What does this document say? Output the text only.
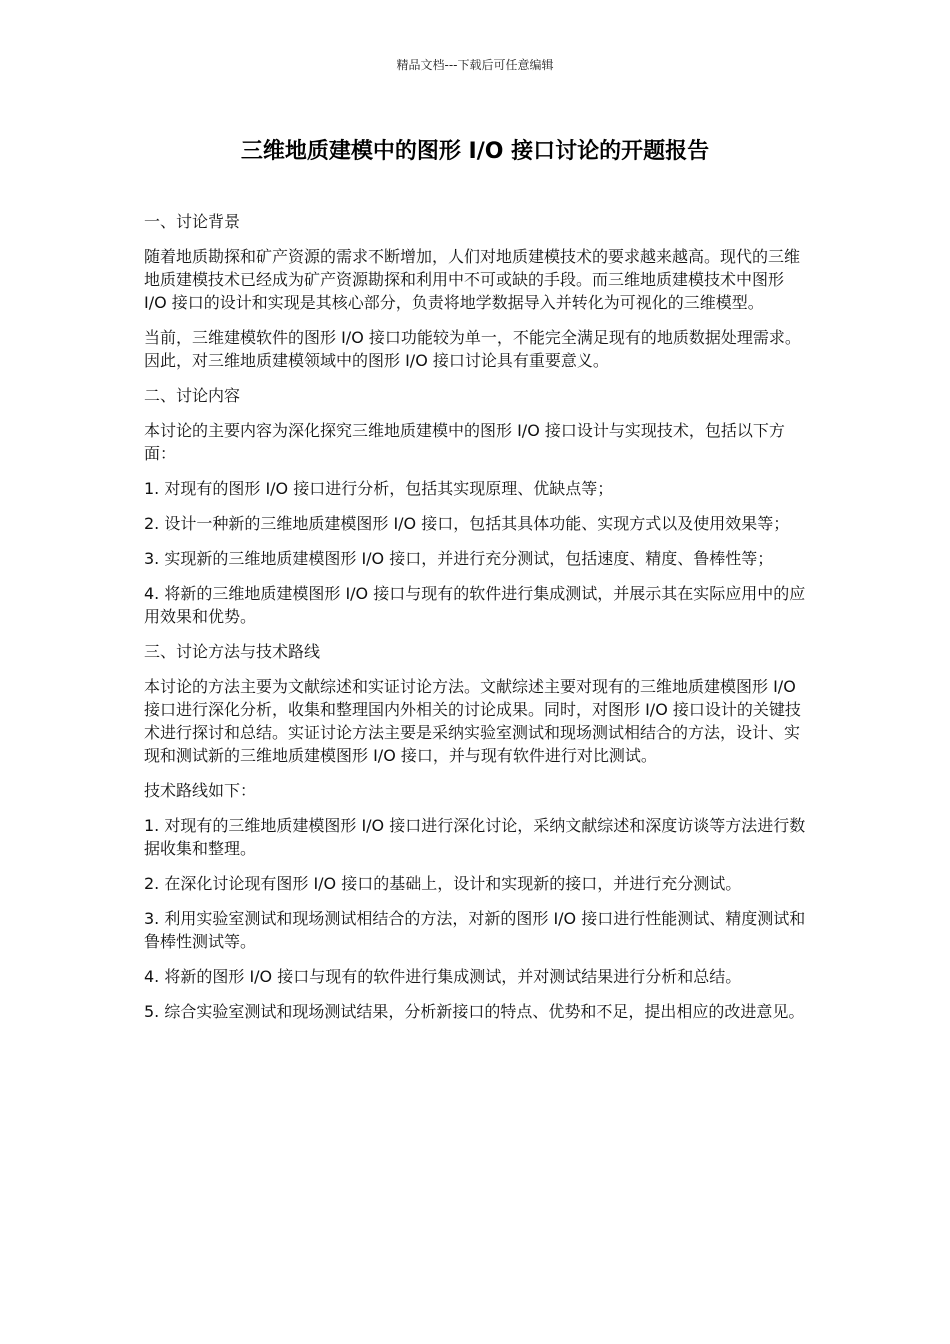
精品文档---下载后可任意编辑
三维地质建模中的图形 I/O 接口讨论的开题报告

一、讨论背景

随着地质勘探和矿产资源的需求不断增加，人们对地质建模技术的要求越来越高。现代的三维地质建模技术已经成为矿产资源勘探和利用中不可或缺的手段。而三维地质建模技术中图形 I/O 接口的设计和实现是其核心部分，负责将地学数据导入并转化为可视化的三维模型。

当前，三维建模软件的图形 I/O 接口功能较为单一，不能完全满足现有的地质数据处理需求。因此，对三维地质建模领域中的图形 I/O 接口讨论具有重要意义。

二、讨论内容

本讨论的主要内容为深化探究三维地质建模中的图形 I/O 接口设计与实现技术，包括以下方面：

1. 对现有的图形 I/O 接口进行分析，包括其实现原理、优缺点等；

2. 设计一种新的三维地质建模图形 I/O 接口，包括其具体功能、实现方式以及使用效果等；

3. 实现新的三维地质建模图形 I/O 接口，并进行充分测试，包括速度、精度、鲁棒性等；

4. 将新的三维地质建模图形 I/O 接口与现有的软件进行集成测试，并展示其在实际应用中的应用效果和优势。

三、讨论方法与技术路线

本讨论的方法主要为文献综述和实证讨论方法。文献综述主要对现有的三维地质建模图形 I/O 接口进行深化分析，收集和整理国内外相关的讨论成果。同时，对图形 I/O 接口设计的关键技术进行探讨和总结。实证讨论方法主要是采纳实验室测试和现场测试相结合的方法，设计、实现和测试新的三维地质建模图形 I/O 接口，并与现有软件进行对比测试。

技术路线如下：

1. 对现有的三维地质建模图形 I/O 接口进行深化讨论，采纳文献综述和深度访谈等方法进行数据收集和整理。

2. 在深化讨论现有图形 I/O 接口的基础上，设计和实现新的接口，并进行充分测试。

3. 利用实验室测试和现场测试相结合的方法，对新的图形 I/O 接口进行性能测试、精度测试和鲁棒性测试等。

4. 将新的图形 I/O 接口与现有的软件进行集成测试，并对测试结果进行分析和总结。

5. 综合实验室测试和现场测试结果，分析新接口的特点、优势和不足，提出相应的改进意见。
